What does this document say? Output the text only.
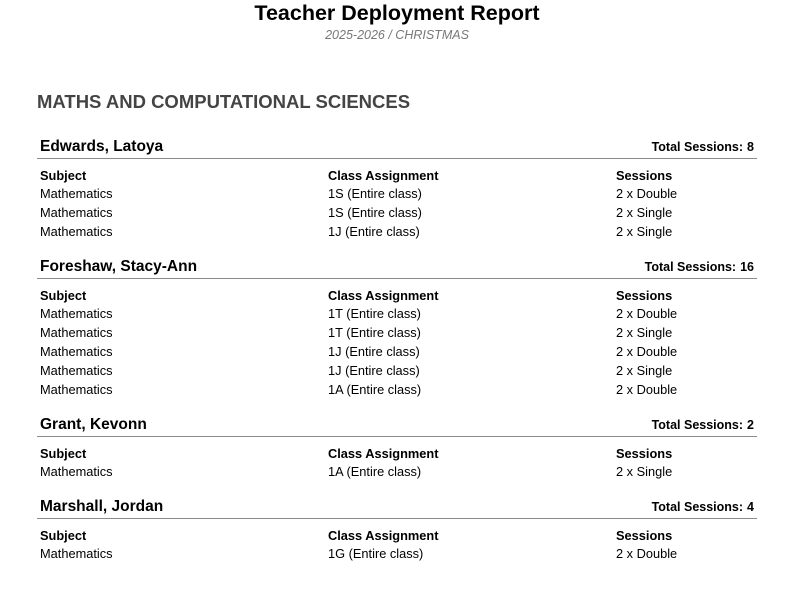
Teacher Deployment Report
2025-2026 / CHRISTMAS
MATHS AND COMPUTATIONAL SCIENCES
Edwards, Latoya	Total Sessions: 8
Subject	Class Assignment	Sessions
Mathematics	1S (Entire class)	2 x Double
Mathematics	1S (Entire class)	2 x Single
Mathematics	1J (Entire class)	2 x Single
Foreshaw, Stacy-Ann	Total Sessions: 16
Subject	Class Assignment	Sessions
Mathematics	1T (Entire class)	2 x Double
Mathematics	1T (Entire class)	2 x Single
Mathematics	1J (Entire class)	2 x Double
Mathematics	1J (Entire class)	2 x Single
Mathematics	1A (Entire class)	2 x Double
Grant, Kevonn	Total Sessions: 2
Subject	Class Assignment	Sessions
Mathematics	1A (Entire class)	2 x Single
Marshall, Jordan	Total Sessions: 4
Subject	Class Assignment	Sessions
Mathematics	1G (Entire class)	2 x Double
